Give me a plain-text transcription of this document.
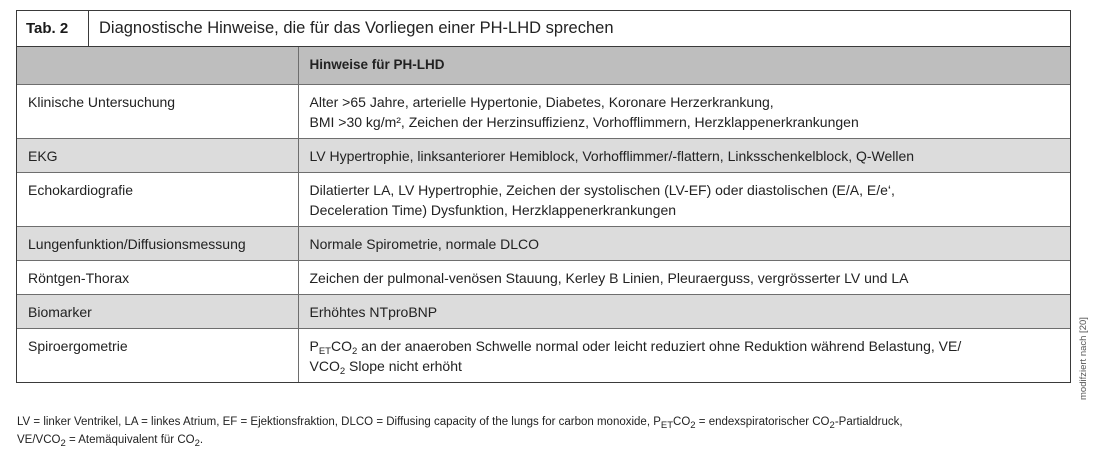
Tab. 2	Diagnostische Hinweise, die für das Vorliegen einer PH-LHD sprechen
	Hinweise für PH-LHD
Klinische Untersuchung	Alter >65 Jahre, arterielle Hypertonie, Diabetes, Koronare Herzerkrankung,
BMI >30 kg/m², Zeichen der Herzinsuffizienz, Vorhofflimmern, Herzklappenerkrankungen

EKG	LV Hypertrophie, linksanteriorer Hemiblock, Vorhofflimmer/-flattern, Linksschenkelblock, Q-Wellen
Echokardiografie	Dilatierter LA, LV Hypertrophie, Zeichen der systolischen (LV-EF) oder diastolischen (E/A, E/e‘,
Deceleration Time) Dysfunktion, Herzklappenerkrankungen

Lungenfunktion/Diffusionsmessung	Normale Spirometrie, normale DLCO
Röntgen-Thorax	Zeichen der pulmonal-venösen Stauung, Kerley B Linien, Pleuraerguss, vergrösserter LV und LA
Biomarker	Erhöhtes NTproBNP
Spiroergometrie	$P_{ET}CO_2$ an der anaeroben Schwelle normal oder leicht reduziert ohne Reduktion während Belastung, VE/
$VCO_2$ Slope nicht erhöht
LV = linker Ventrikel, LA = linkes Atrium, EF = Ejektionsfraktion, DLCO = Diffusing capacity of the lungs for carbon monoxide, $P_{ET}CO_2$ = endexspiratorischer $CO_2$-Partialdruck,
$VE/VCO_2$ = Atemäquivalent für $CO_2$.
modifziert nach [20]
